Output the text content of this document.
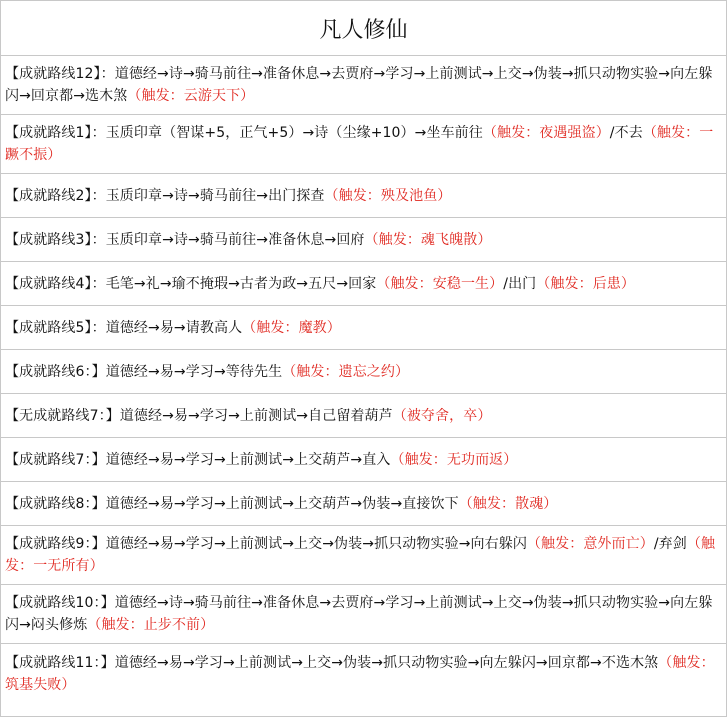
凡人修仙
【成就路线12】：道德经→诗→骑马前往→准备休息→去贾府→学习→上前测试→上交→伪装→抓只动物实验→向左躲闪→回京都→选木煞（触发：云游天下）
【成就路线1】：玉质印章（智谋+5，正气+5）→诗（尘缘+10）→坐车前往（触发：夜遇强盗）/不去（触发：一蹶不振）
【成就路线2】：玉质印章→诗→骑马前往→出门探查（触发：殃及池鱼）
【成就路线3】：玉质印章→诗→骑马前往→准备休息→回府（触发：魂飞魄散）
【成就路线4】：毛笔→礼→瑜不掩瑕→古者为政→五尺→回家（触发：安稳一生）/出门（触发：后患）
【成就路线5】：道德经→易→请教高人（触发：魔教）
【成就路线6：】道德经→易→学习→等待先生（触发：遗忘之约）
【无成就路线7：】道德经→易→学习→上前测试→自己留着葫芦（被夺舍，卒）
【成就路线7：】道德经→易→学习→上前测试→上交葫芦→直入（触发：无功而返）
【成就路线8：】道德经→易→学习→上前测试→上交葫芦→伪装→直接饮下（触发：散魂）
【成就路线9：】道德经→易→学习→上前测试→上交→伪装→抓只动物实验→向右躲闪（触发：意外而亡）/弃剑（触发：一无所有）
【成就路线10：】道德经→诗→骑马前往→准备休息→去贾府→学习→上前测试→上交→伪装→抓只动物实验→向左躲闪→闷头修炼（触发：止步不前）
【成就路线11：】道德经→易→学习→上前测试→上交→伪装→抓只动物实验→向左躲闪→回京都→不选木煞（触发：筑基失败）
